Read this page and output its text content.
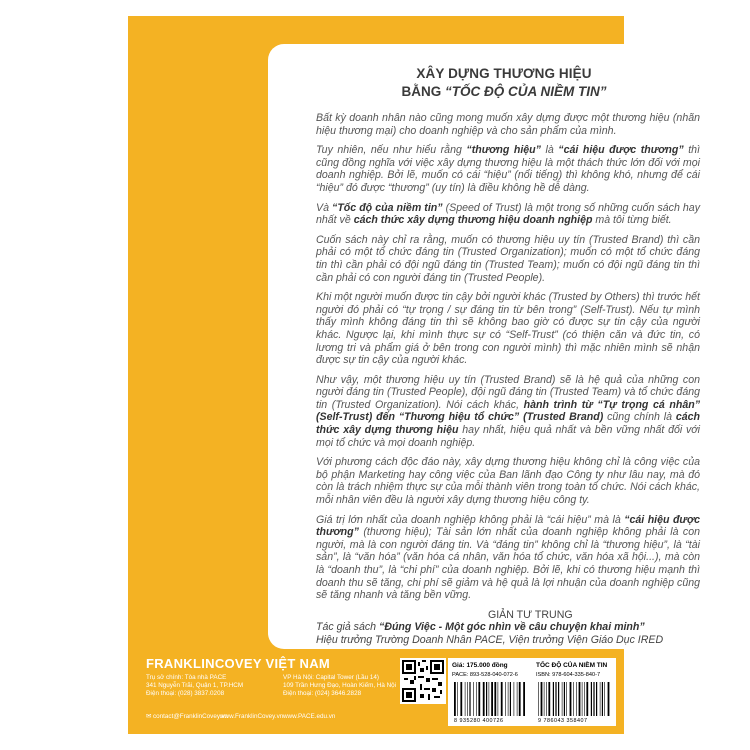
XÂY DỰNG THƯƠNG HIỆU
BẰNG “TỐC ĐỘ CỦA NIỀM TIN”

Bất kỳ doanh nhân nào cũng mong muốn xây dựng được một thương hiệu (nhãn hiệu thương mại) cho doanh nghiệp và cho sản phẩm của mình.

Tuy nhiên, nếu như hiểu rằng “thương hiệu” là “cái hiệu được thương” thì cũng đồng nghĩa với việc xây dựng thương hiệu là một thách thức lớn đối với mọi doanh nghiệp. Bởi lẽ, muốn có cái “hiệu” (nổi tiếng) thì không khó, nhưng để cái “hiệu” đó được “thương” (uy tín) là điều không hề dễ dàng.

Và “Tốc độ của niềm tin” (Speed of Trust) là một trong số những cuốn sách hay nhất về cách thức xây dựng thương hiệu doanh nghiệp mà tôi từng biết.

Cuốn sách này chỉ ra rằng, muốn có thương hiệu uy tín (Trusted Brand) thì cần phải có một tổ chức đáng tin (Trusted Organization); muốn có một tổ chức đáng tin thì cần phải có đội ngũ đáng tin (Trusted Team); muốn có đội ngũ đáng tin thì cần phải có con người đáng tin (Trusted People).

Khi một người muốn được tin cậy bởi người khác (Trusted by Others) thì trước hết người đó phải có “tự trọng / sự đáng tin từ bên trong” (Self-Trust). Nếu tự mình thấy mình không đáng tin thì sẽ không bao giờ có được sự tin cậy của người khác. Ngược lại, khi mình thực sự có “Self-Trust” (có thiện căn và đức tin, có lương tri và phẩm giá ở bên trong con người mình) thì mặc nhiên mình sẽ nhận được sự tin cậy của người khác.

Như vậy, một thương hiệu uy tín (Trusted Brand) sẽ là hệ quả của những con người đáng tin (Trusted People), đội ngũ đáng tin (Trusted Team) và tổ chức đáng tin (Trusted Organization). Nói cách khác, hành trình từ “Tự trọng cá nhân” (Self-Trust) đến “Thương hiệu tổ chức” (Trusted Brand) cũng chính là cách thức xây dựng thương hiệu hay nhất, hiệu quả nhất và bền vững nhất đối với mọi tổ chức và mọi doanh nghiệp.

Với phương cách độc đáo này, xây dựng thương hiệu không chỉ là công việc của bộ phận Marketing hay công việc của Ban lãnh đạo Công ty như lâu nay, mà đó còn là trách nhiệm thực sự của mỗi thành viên trong toàn tổ chức. Nói cách khác, mỗi nhân viên đều là người xây dựng thương hiệu công ty.

Giá trị lớn nhất của doanh nghiệp không phải là “cái hiệu” mà là “cái hiệu được thương” (thương hiệu); Tài sản lớn nhất của doanh nghiệp không phải là con người, mà là con người đáng tin. Và “đáng tin” không chỉ là “thương hiệu”, là “tài sản”, là “văn hóa” (văn hóa cá nhân, văn hóa tổ chức, văn hóa xã hội...), mà còn là “doanh thu”, là “chi phí” của doanh nghiệp. Bởi lẽ, khi có thương hiệu mạnh thì doanh thu sẽ tăng, chi phí sẽ giảm và hệ quả là lợi nhuận của doanh nghiệp cũng sẽ tăng nhanh và tăng bền vững.

GIẢN TƯ TRUNG
Tác giả sách “Đúng Việc - Một góc nhìn về câu chuyện khai minh”
Hiệu trưởng Trường Doanh Nhân PACE, Viện trưởng Viện Giáo Dục IRED
FRANKLINCOVEY VIỆT NAM
Trụ sở chính: Tòa nhà PACE
341 Nguyễn Trãi, Quận 1, TP.HCM
Điện thoại: (028) 3837.0208
VP Hà Nội: Capital Tower (Lầu 14)
109 Trần Hưng Đạo, Hoàn Kiếm, Hà Nội
Điện thoại: (024) 3646.2828
✉ contact@FranklinCovey.vn
www.FranklinCovey.vn www.PACE.edu.vn
Giá: 175.000 đồng	TỐC ĐỘ CỦA NIỀM TIN
PACE: 893-528-040-072-6	ISBN: 978-604-335-840-7
8 935280 400726	9 786043 358407
